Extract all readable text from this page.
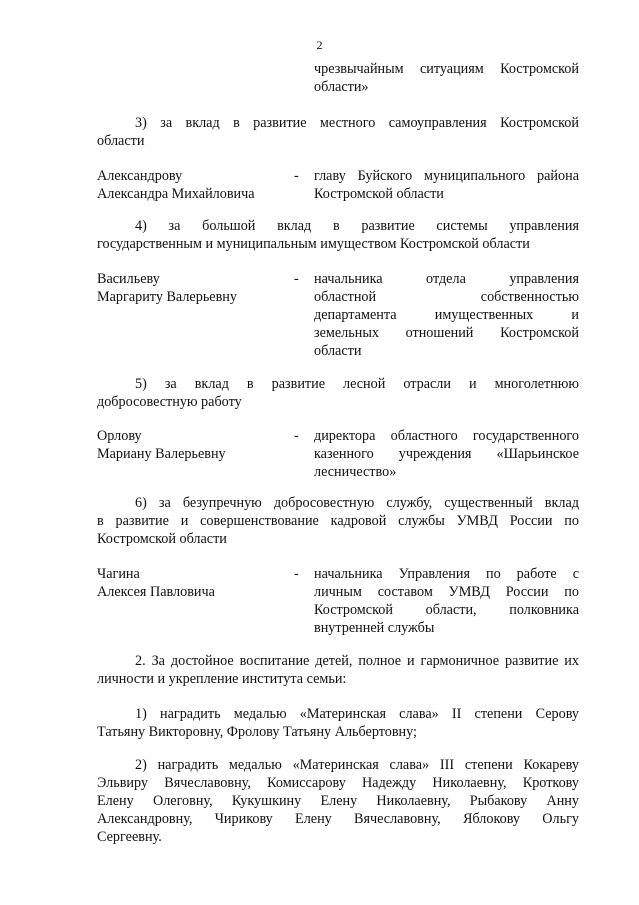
2
чрезвычайным ситуациям Костромской
области»
3) за вклад в развитие местного самоуправления Костромской
области
Александрову
Александра Михайловича
-	главу Буйского муниципального района
Костромской области
4) за большой вклад в развитие системы управления
государственным и муниципальным имуществом Костромской области
Васильеву
Маргариту Валерьевну
-	начальника отдела управления
областной собственностью
департамента имущественных и
земельных отношений Костромской
области
5) за вклад в развитие лесной отрасли и многолетнюю
добросовестную работу
Орлову
Мариану Валерьевну
-	директора областного государственного
казенного учреждения «Шарьинское
лесничество»
6) за безупречную добросовестную службу, существенный вклад
в развитие и совершенствование кадровой службы УМВД России по
Костромской области
Чагина
Алексея Павловича
-	начальника Управления по работе с
личным составом УМВД России по
Костромской области, полковника
внутренней службы
2. За достойное воспитание детей, полное и гармоничное развитие их
личности и укрепление института семьи:
1) наградить медалью «Материнская слава» II степени Серову
Татьяну Викторовну, Фролову Татьяну Альбертовну;
2) наградить медалью «Материнская слава» III степени Кокареву
Эльвиру Вячеславовну, Комиссарову Надежду Николаевну, Кроткову
Елену Олеговну, Кукушкину Елену Николаевну, Рыбакову Анну
Александровну, Чирикову Елену Вячеславовну, Яблокову Ольгу
Сергеевну.
